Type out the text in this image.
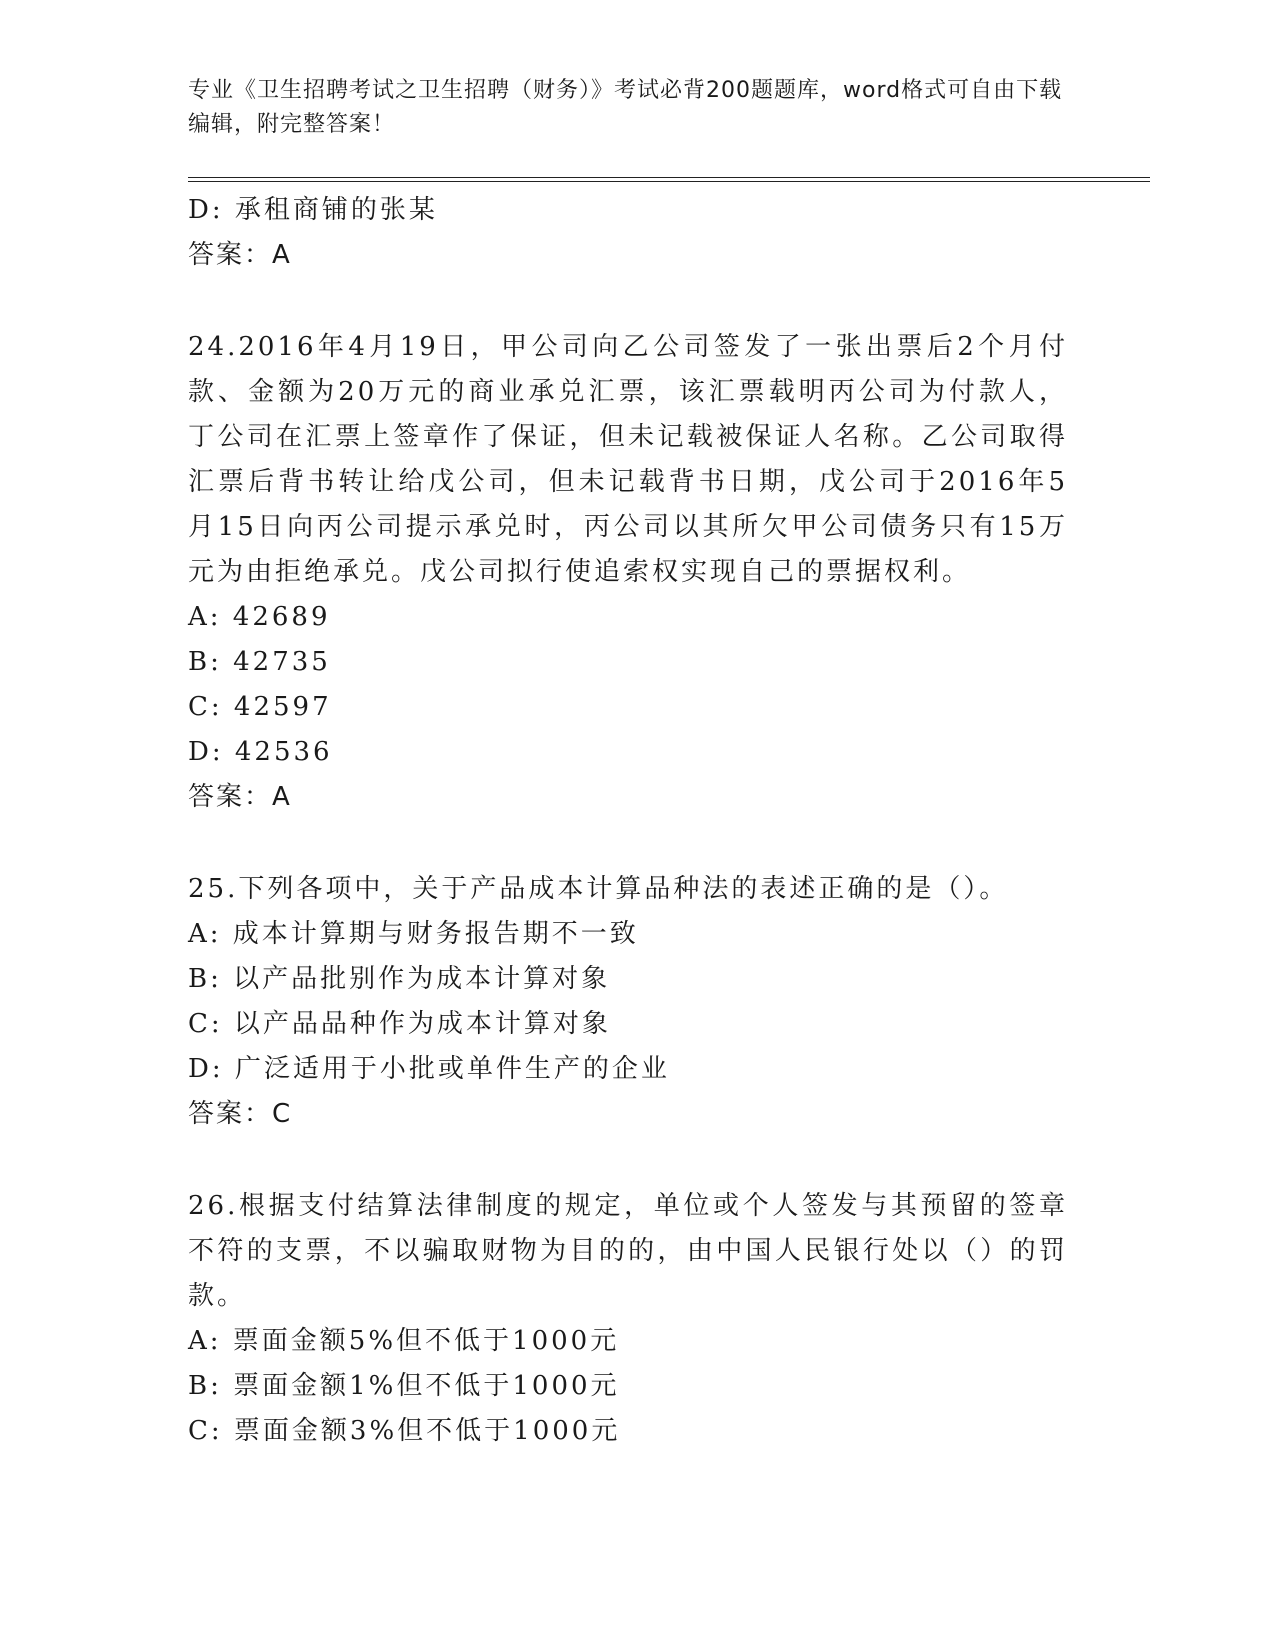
专业《卫生招聘考试之卫生招聘（财务）》考试必背200题题库，word格式可自由下载编辑，附完整答案！

D: 承租商铺的张某

答案：A

24.2016年4月19日，甲公司向乙公司签发了一张出票后2个月付款、金额为20万元的商业承兑汇票，该汇票载明丙公司为付款人，丁公司在汇票上签章作了保证，但未记载被保证人名称。乙公司取得汇票后背书转让给戊公司，但未记载背书日期，戊公司于2016年5月15日向丙公司提示承兑时，丙公司以其所欠甲公司债务只有15万元为由拒绝承兑。戊公司拟行使追索权实现自己的票据权利。

A: 42689

B: 42735

C: 42597

D: 42536

答案：A

25.下列各项中，关于产品成本计算品种法的表述正确的是（）。

A: 成本计算期与财务报告期不一致

B: 以产品批别作为成本计算对象

C: 以产品品种作为成本计算对象

D: 广泛适用于小批或单件生产的企业

答案：C

26.根据支付结算法律制度的规定，单位或个人签发与其预留的签章不符的支票，不以骗取财物为目的的，由中国人民银行处以（）的罚款。

A: 票面金额5%但不低于1000元

B: 票面金额1%但不低于1000元

C: 票面金额3%但不低于1000元
